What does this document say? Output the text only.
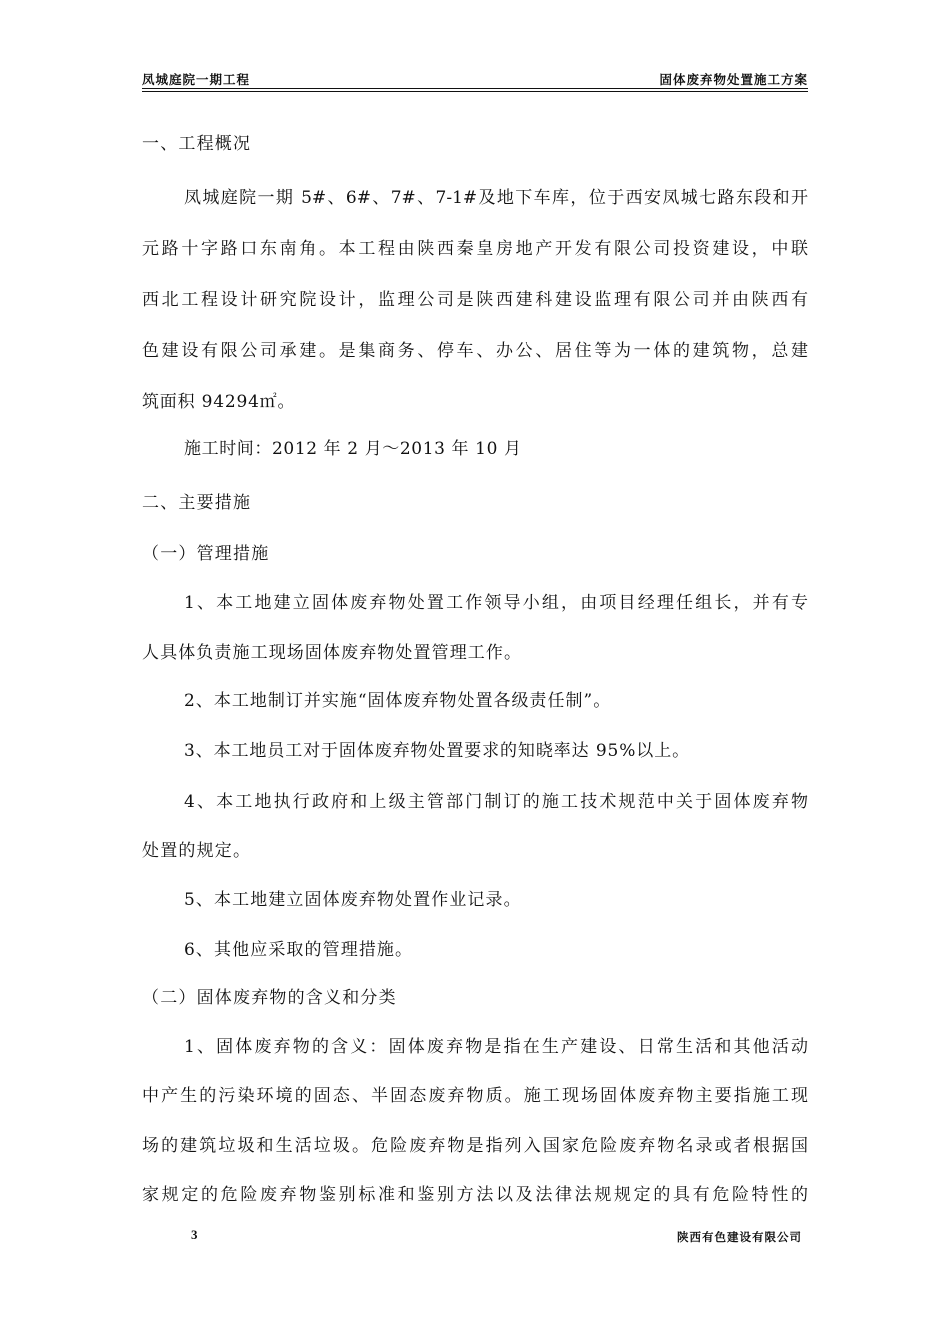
凤城庭院一期工程	固体废弃物处置施工方案
一、工程概况
凤城庭院一期 5#、6#、7#、7-1#及地下车库，位于西安凤城七路东段和开
元路十字路口东南角。本工程由陕西秦皇房地产开发有限公司投资建设，中联
西北工程设计研究院设计，监理公司是陕西建科建设监理有限公司并由陕西有
色建设有限公司承建。是集商务、停车、办公、居住等为一体的建筑物，总建
筑面积 94294㎡。
施工时间：2012 年 2 月～2013 年 10 月
二、主要措施
（一）管理措施
1、本工地建立固体废弃物处置工作领导小组，由项目经理任组长，并有专
人具体负责施工现场固体废弃物处置管理工作。
2、本工地制订并实施“固体废弃物处置各级责任制”。
3、本工地员工对于固体废弃物处置要求的知晓率达 95%以上。
4、本工地执行政府和上级主管部门制订的施工技术规范中关于固体废弃物
处置的规定。
5、本工地建立固体废弃物处置作业记录。
6、其他应采取的管理措施。
（二）固体废弃物的含义和分类
1、固体废弃物的含义：固体废弃物是指在生产建设、日常生活和其他活动
中产生的污染环境的固态、半固态废弃物质。施工现场固体废弃物主要指施工现
场的建筑垃圾和生活垃圾。危险废弃物是指列入国家危险废弃物名录或者根据国
家规定的危险废弃物鉴别标准和鉴别方法以及法律法规规定的具有危险特性的
3	陕西有色建设有限公司
